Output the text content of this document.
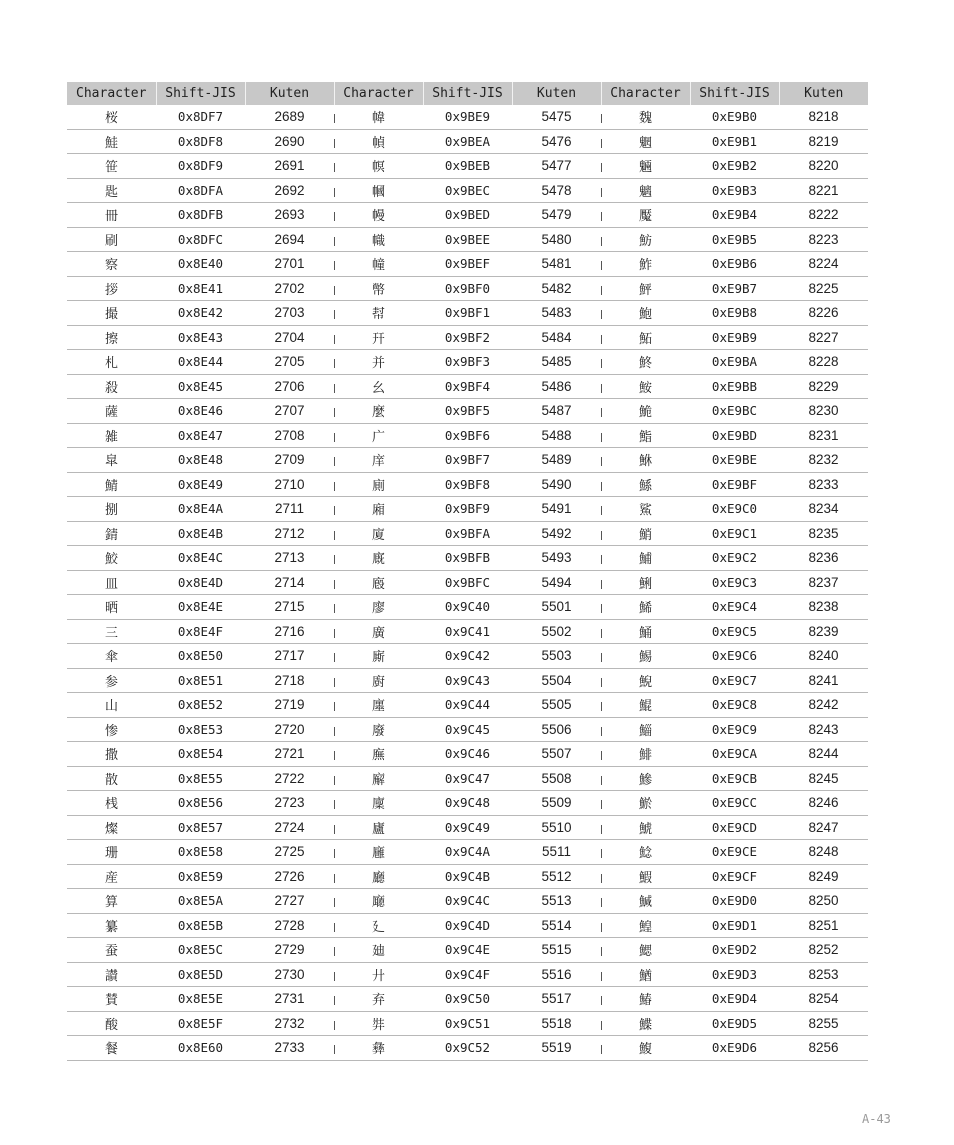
Character	Shift-JIS	Kuten	Character	Shift-JIS	Kuten	Character	Shift-JIS	Kuten
桜	0x8DF7	2689	幃	0x9BE9	5475	魏	0xE9B0	8218
鮭	0x8DF8	2690	幀	0x9BEA	5476	魍	0xE9B1	8219
笹	0x8DF9	2691	幎	0x9BEB	5477	魎	0xE9B2	8220
匙	0x8DFA	2692	幗	0x9BEC	5478	魑	0xE9B3	8221
冊	0x8DFB	2693	幔	0x9BED	5479	魘	0xE9B4	8222
刷	0x8DFC	2694	幟	0x9BEE	5480	魴	0xE9B5	8223
察	0x8E40	2701	幢	0x9BEF	5481	鮓	0xE9B6	8224
拶	0x8E41	2702	幤	0x9BF0	5482	鮃	0xE9B7	8225
撮	0x8E42	2703	幇	0x9BF1	5483	鮑	0xE9B8	8226
擦	0x8E43	2704	幵	0x9BF2	5484	鮖	0xE9B9	8227
札	0x8E44	2705	并	0x9BF3	5485	鮗	0xE9BA	8228
殺	0x8E45	2706	幺	0x9BF4	5486	鮟	0xE9BB	8229
薩	0x8E46	2707	麼	0x9BF5	5487	鮠	0xE9BC	8230
雑	0x8E47	2708	广	0x9BF6	5488	鮨	0xE9BD	8231
皐	0x8E48	2709	庠	0x9BF7	5489	鮴	0xE9BE	8232
鯖	0x8E49	2710	廁	0x9BF8	5490	鯀	0xE9BF	8233
捌	0x8E4A	2711	廂	0x9BF9	5491	鯊	0xE9C0	8234
錆	0x8E4B	2712	廈	0x9BFA	5492	鮹	0xE9C1	8235
鮫	0x8E4C	2713	廐	0x9BFB	5493	鯆	0xE9C2	8236
皿	0x8E4D	2714	廏	0x9BFC	5494	鯏	0xE9C3	8237
晒	0x8E4E	2715	廖	0x9C40	5501	鯑	0xE9C4	8238
三	0x8E4F	2716	廣	0x9C41	5502	鯒	0xE9C5	8239
傘	0x8E50	2717	廝	0x9C42	5503	鯣	0xE9C6	8240
参	0x8E51	2718	廚	0x9C43	5504	鯢	0xE9C7	8241
山	0x8E52	2719	廛	0x9C44	5505	鯤	0xE9C8	8242
惨	0x8E53	2720	廢	0x9C45	5506	鯔	0xE9C9	8243
撒	0x8E54	2721	廡	0x9C46	5507	鯡	0xE9CA	8244
散	0x8E55	2722	廨	0x9C47	5508	鰺	0xE9CB	8245
桟	0x8E56	2723	廩	0x9C48	5509	鯲	0xE9CC	8246
燦	0x8E57	2724	廬	0x9C49	5510	鯱	0xE9CD	8247
珊	0x8E58	2725	廱	0x9C4A	5511	鯰	0xE9CE	8248
産	0x8E59	2726	廳	0x9C4B	5512	鰕	0xE9CF	8249
算	0x8E5A	2727	廰	0x9C4C	5513	鰔	0xE9D0	8250
纂	0x8E5B	2728	廴	0x9C4D	5514	鰉	0xE9D1	8251
蚕	0x8E5C	2729	廸	0x9C4E	5515	鰓	0xE9D2	8252
讃	0x8E5D	2730	廾	0x9C4F	5516	鰌	0xE9D3	8253
賛	0x8E5E	2731	弃	0x9C50	5517	鰆	0xE9D4	8254
酸	0x8E5F	2732	弉	0x9C51	5518	鰈	0xE9D5	8255
餐	0x8E60	2733	彝	0x9C52	5519	鰒	0xE9D6	8256
A-43
